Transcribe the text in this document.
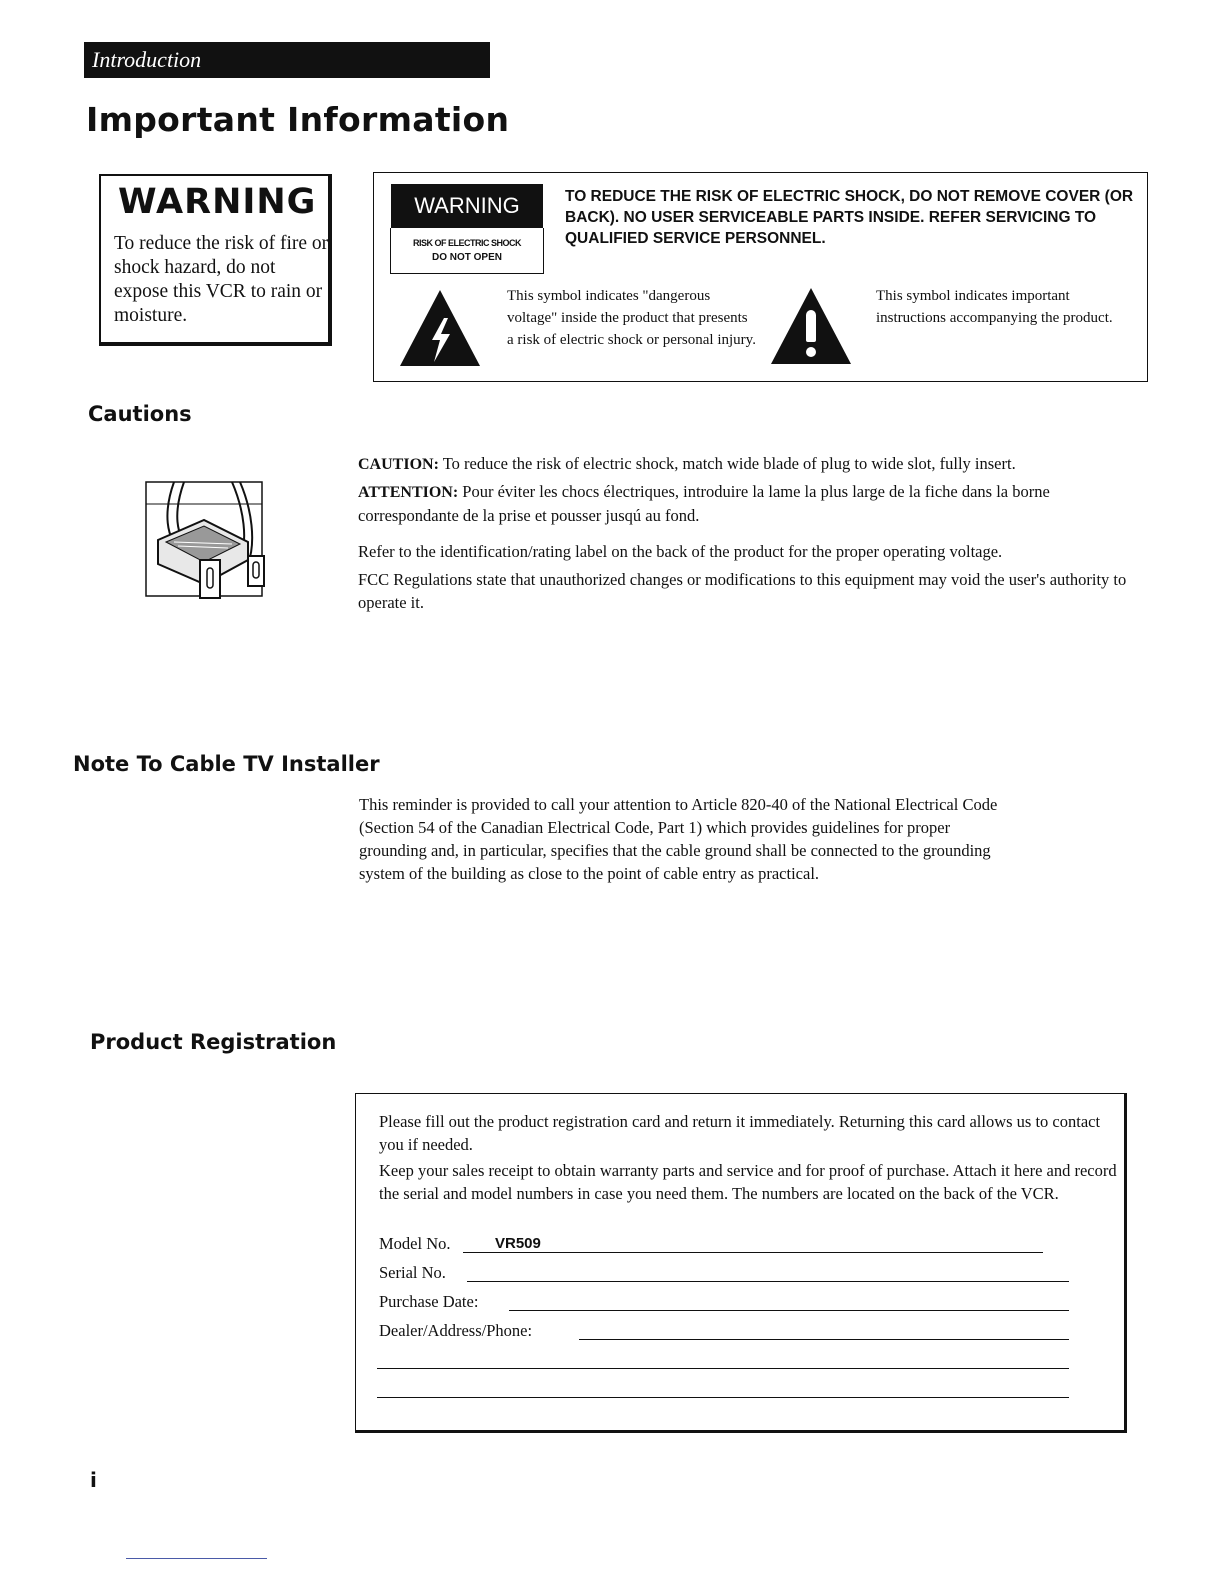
Introduction
Important Information
WARNING
To reduce the risk of fire or shock hazard, do not expose this VCR to rain or moisture.
WARNING
RISK OF ELECTRIC SHOCK
DO NOT OPEN
TO REDUCE THE RISK OF ELECTRIC SHOCK, DO NOT REMOVE COVER (OR BACK). NO USER SERVICEABLE PARTS INSIDE. REFER SERVICING TO QUALIFIED SERVICE PERSONNEL.
This symbol indicates "dangerous voltage" inside the product that presents a risk of electric shock or personal injury.
This symbol indicates important instructions accompanying the product.
Cautions
CAUTION: To reduce the risk of electric shock, match wide blade of plug to wide slot, fully insert.
ATTENTION: Pour éviter les chocs électriques, introduire la lame la plus large de la fiche dans la borne correspondante de la prise et pousser jusqú au fond.
Refer to the identification/rating label on the back of the product for the proper operating voltage.
FCC Regulations state that unauthorized changes or modifications to this equipment may void the user's authority to operate it.
Note To Cable TV Installer
This reminder is provided to call your attention to Article 820-40 of the National Electrical Code (Section 54 of the Canadian Electrical Code, Part 1) which provides guidelines for proper grounding and, in particular, specifies that the cable ground shall be connected to the grounding system of the building as close to the point of cable entry as practical.
Product Registration
Please fill out the product registration card and return it immediately. Returning this card allows us to contact you if needed.
Keep your sales receipt to obtain warranty parts and service and for proof of purchase. Attach it here and record the serial and model numbers in case you need them. The numbers are located on the back of the VCR.
Model No.	VR509
Serial No.
Purchase Date:
Dealer/Address/Phone:
i
